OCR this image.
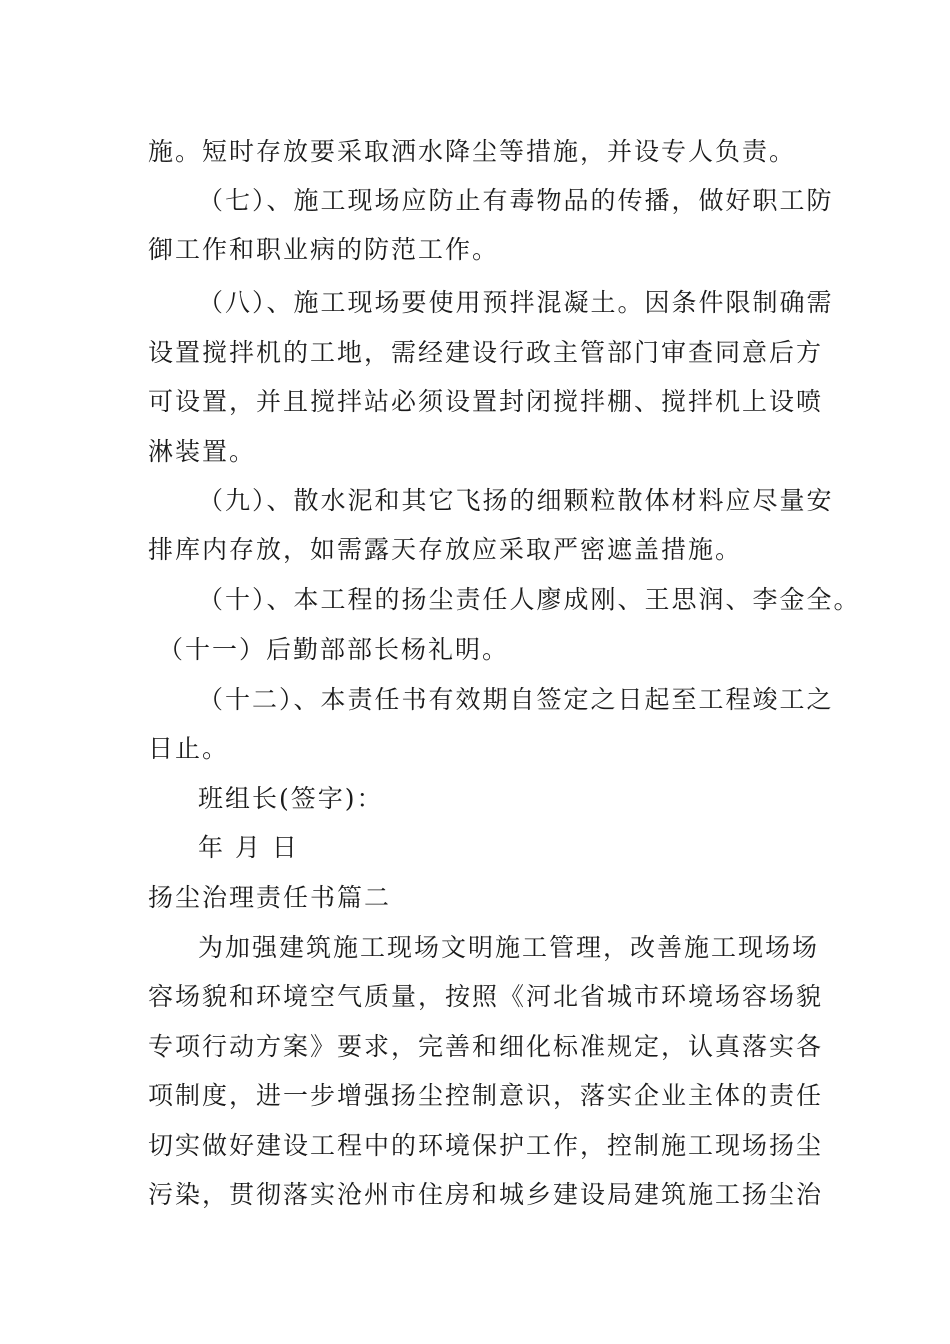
施。短时存放要采取洒水降尘等措施，并设专人负责。
（七）、施工现场应防止有毒物品的传播，做好职工防
御工作和职业病的防范工作。
（八）、施工现场要使用预拌混凝土。因条件限制确需
设置搅拌机的工地，需经建设行政主管部门审查同意后方
可设置，并且搅拌站必须设置封闭搅拌棚、搅拌机上设喷
淋装置。
（九）、散水泥和其它飞扬的细颗粒散体材料应尽量安
排库内存放，如需露天存放应采取严密遮盖措施。
（十）、本工程的扬尘责任人廖成刚、王思润、李金全。
（十一）后勤部部长杨礼明。
（十二）、本责任书有效期自签定之日起至工程竣工之
日止。
班组长(签字)：
年 月 日
扬尘治理责任书篇二
为加强建筑施工现场文明施工管理，改善施工现场场
容场貌和环境空气质量，按照《河北省城市环境场容场貌
专项行动方案》要求，完善和细化标准规定，认真落实各
项制度，进一步增强扬尘控制意识，落实企业主体的责任
切实做好建设工程中的环境保护工作，控制施工现场扬尘
污染，贯彻落实沧州市住房和城乡建设局建筑施工扬尘治
